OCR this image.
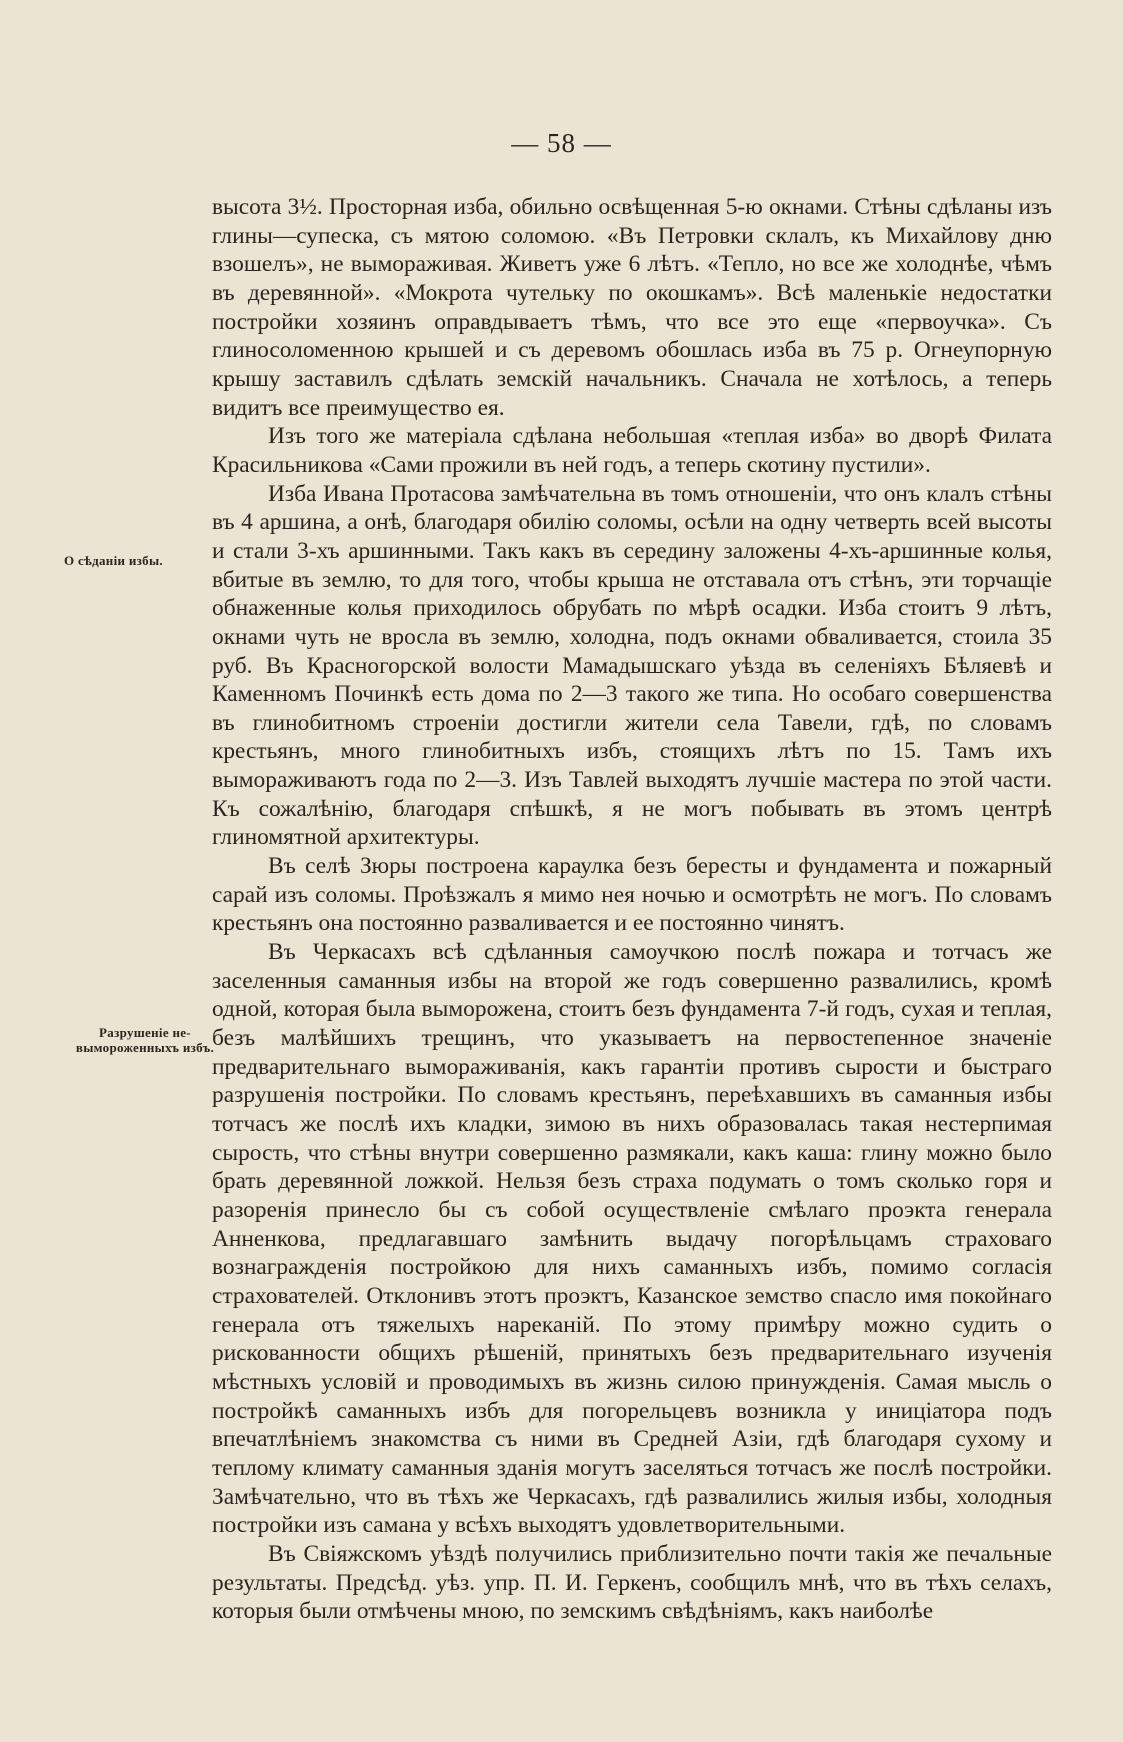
— 58 —
О сѣданіи избы.
Разрушеніе не-вымороженныхъ избъ.

высота 3½. Просторная изба, обильно освѣщенная 5-ю окнами. Стѣны сдѣланы изъ глины—супеска, съ мятою соломою. «Въ Петровки склалъ, къ Михайлову дню взошелъ», не вымораживая. Живетъ уже 6 лѣтъ. «Тепло, но все же холоднѣе, чѣмъ въ деревянной». «Мокрота чутельку по окошкамъ». Всѣ маленькіе недостатки постройки хозяинъ оправдываетъ тѣмъ, что все это еще «первоучка». Съ глиносоломенною крышей и съ деревомъ обошлась изба въ 75 р. Огнеупорную крышу заставилъ сдѣлать земскій начальникъ. Сначала не хотѣлось, а теперь видитъ все преимущество ея.

Изъ того же матеріала сдѣлана небольшая «теплая изба» во дворѣ Филата Красильникова «Сами прожили въ ней годъ, а теперь скотину пустили».

Изба Ивана Протасова замѣчательна въ томъ отношеніи, что онъ клалъ стѣны въ 4 аршина, а онѣ, благодаря обилію соломы, осѣли на одну четверть всей высоты и стали 3-хъ аршинными. Такъ какъ въ середину заложены 4-хъ-аршинные колья, вбитые въ землю, то для того, чтобы крыша не отставала отъ стѣнъ, эти торчащіе обнаженные колья приходилось обрубать по мѣрѣ осадки. Изба стоитъ 9 лѣтъ, окнами чуть не вросла въ землю, холодна, подъ окнами обваливается, стоила 35 руб. Въ Красногорской волости Мамадышскаго уѣзда въ селеніяхъ Бѣляевѣ и Каменномъ Починкѣ есть дома по 2—3 такого же типа. Но особаго совершенства въ глинобитномъ строеніи достигли жители села Тавели, гдѣ, по словамъ крестьянъ, много глинобитныхъ избъ, стоящихъ лѣтъ по 15. Тамъ ихъ вымораживаютъ года по 2—3. Изъ Тавлей выходятъ лучшіе мастера по этой части. Къ сожалѣнію, благодаря спѣшкѣ, я не могъ побывать въ этомъ центрѣ глиномятной архитектуры.

Въ селѣ Зюры построена караулка безъ бересты и фундамента и пожарный сарай изъ соломы. Проѣзжалъ я мимо нея ночью и осмотрѣть не могъ. По словамъ крестьянъ она постоянно разваливается и ее постоянно чинятъ.

Въ Черкасахъ всѣ сдѣланныя самоучкою послѣ пожара и тотчасъ же заселенныя саманныя избы на второй же годъ совершенно развалились, кромѣ одной, которая была выморожена, стоитъ безъ фундамента 7-й годъ, сухая и теплая, безъ малѣйшихъ трещинъ, что указываетъ на первостепенное значеніе предварительнаго вымораживанія, какъ гарантіи противъ сырости и быстраго разрушенія постройки. По словамъ крестьянъ, переѣхавшихъ въ саманныя избы тотчасъ же послѣ ихъ кладки, зимою въ нихъ образовалась такая нестерпимая сырость, что стѣны внутри совершенно размякали, какъ каша: глину можно было брать деревянной ложкой. Нельзя безъ страха подумать о томъ сколько горя и разоренія принесло бы съ собой осуществленіе смѣлаго проэкта генерала Анненкова, предлагавшаго замѣнить выдачу погорѣльцамъ страховаго вознагражденія постройкою для нихъ саманныхъ избъ, помимо согласія страхователей. Отклонивъ этотъ проэктъ, Казанское земство спасло имя покойнаго генерала отъ тяжелыхъ нареканій. По этому примѣру можно судить о рискованности общихъ рѣшеній, принятыхъ безъ предварительнаго изученія мѣстныхъ условій и проводимыхъ въ жизнь силою принужденія. Самая мысль о постройкѣ саманныхъ избъ для погорельцевъ возникла у иниціатора подъ впечатлѣніемъ знакомства съ ними въ Средней Азіи, гдѣ благодаря сухому и теплому климату саманныя зданія могутъ заселяться тотчасъ же послѣ постройки. Замѣчательно, что въ тѣхъ же Черкасахъ, гдѣ развалились жилыя избы, холодныя постройки изъ самана у всѣхъ выходятъ удовлетворительными.

Въ Свіяжскомъ уѣздѣ получились приблизительно почти такія же печальные результаты. Предсѣд. уѣз. упр. П. И. Геркенъ, сообщилъ мнѣ, что въ тѣхъ селахъ, которыя были отмѣчены мною, по земскимъ свѣдѣніямъ, какъ наиболѣе
